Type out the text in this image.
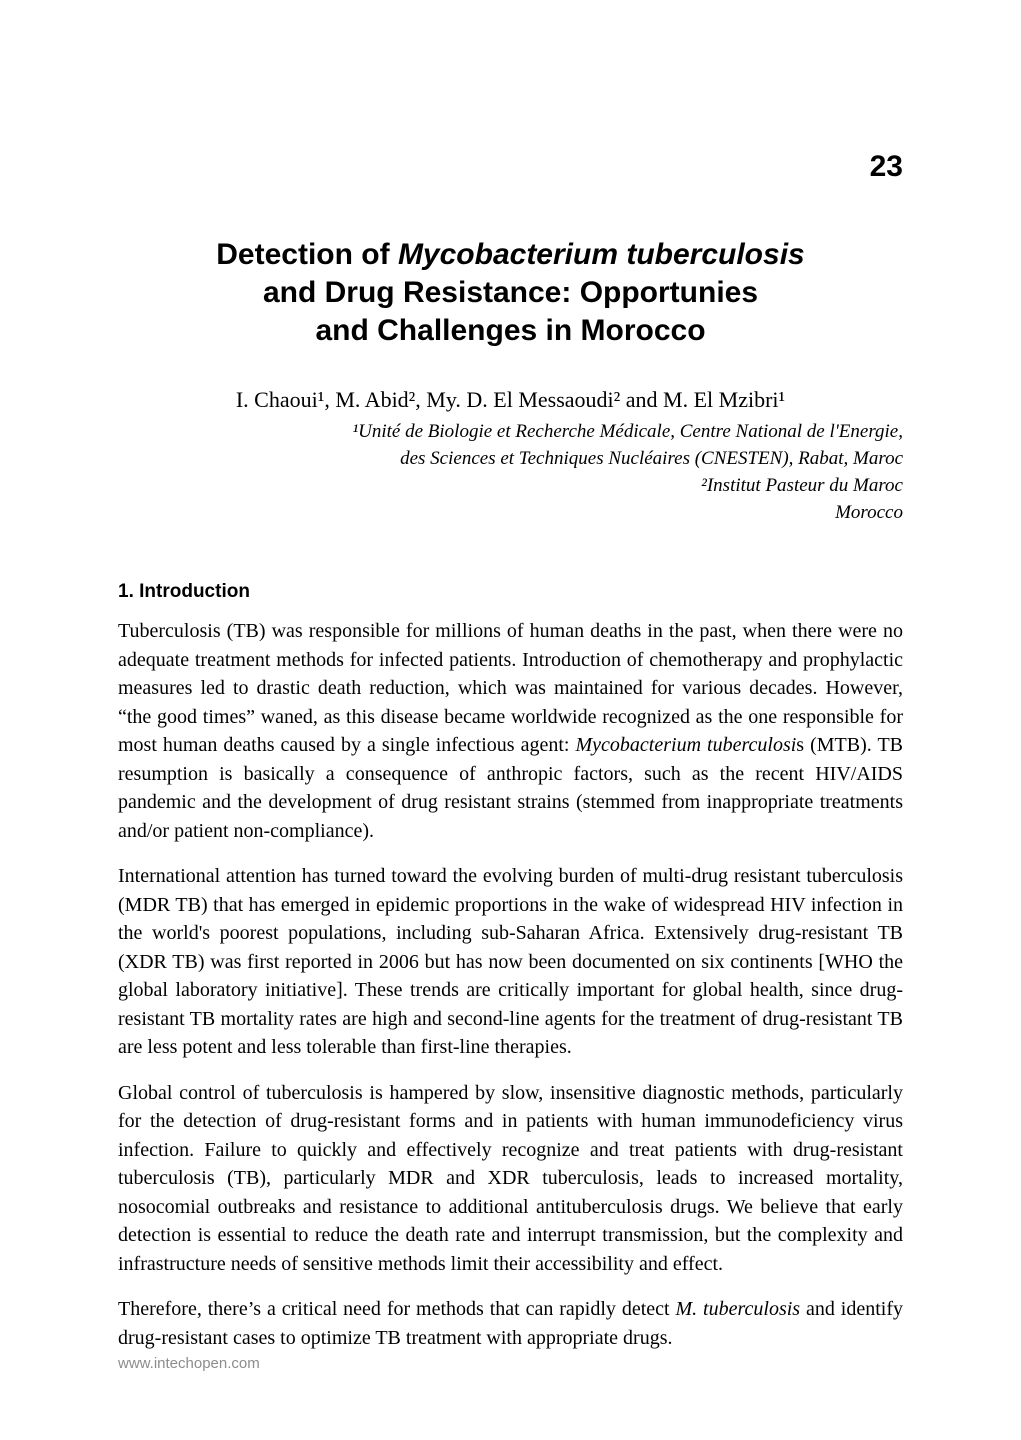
23
Detection of Mycobacterium tuberculosis
and Drug Resistance: Opportunies
and Challenges in Morocco
I. Chaoui¹, M. Abid², My. D. El Messaoudi² and M. El Mzibri¹
¹Unité de Biologie et Recherche Médicale, Centre National de l'Energie,
des Sciences et Techniques Nucléaires (CNESTEN), Rabat, Maroc
²Institut Pasteur du Maroc
Morocco
1. Introduction

Tuberculosis (TB) was responsible for millions of human deaths in the past, when there were no adequate treatment methods for infected patients. Introduction of chemotherapy and prophylactic measures led to drastic death reduction, which was maintained for various decades. However, “the good times” waned, as this disease became worldwide recognized as the one responsible for most human deaths caused by a single infectious agent: Mycobacterium tuberculosis (MTB). TB resumption is basically a consequence of anthropic factors, such as the recent HIV/AIDS pandemic and the development of drug resistant strains (stemmed from inappropriate treatments and/or patient non-compliance).

International attention has turned toward the evolving burden of multi-drug resistant tuberculosis (MDR TB) that has emerged in epidemic proportions in the wake of widespread HIV infection in the world's poorest populations, including sub-Saharan Africa. Extensively drug-resistant TB (XDR TB) was first reported in 2006 but has now been documented on six continents [WHO the global laboratory initiative]. These trends are critically important for global health, since drug-resistant TB mortality rates are high and second-line agents for the treatment of drug-resistant TB are less potent and less tolerable than first-line therapies.

Global control of tuberculosis is hampered by slow, insensitive diagnostic methods, particularly for the detection of drug-resistant forms and in patients with human immunodeficiency virus infection. Failure to quickly and effectively recognize and treat patients with drug-resistant tuberculosis (TB), particularly MDR and XDR tuberculosis, leads to increased mortality, nosocomial outbreaks and resistance to additional antituberculosis drugs. We believe that early detection is essential to reduce the death rate and interrupt transmission, but the complexity and infrastructure needs of sensitive methods limit their accessibility and effect.

Therefore, there’s a critical need for methods that can rapidly detect M. tuberculosis and identify drug-resistant cases to optimize TB treatment with appropriate drugs.

www.intechopen.com
